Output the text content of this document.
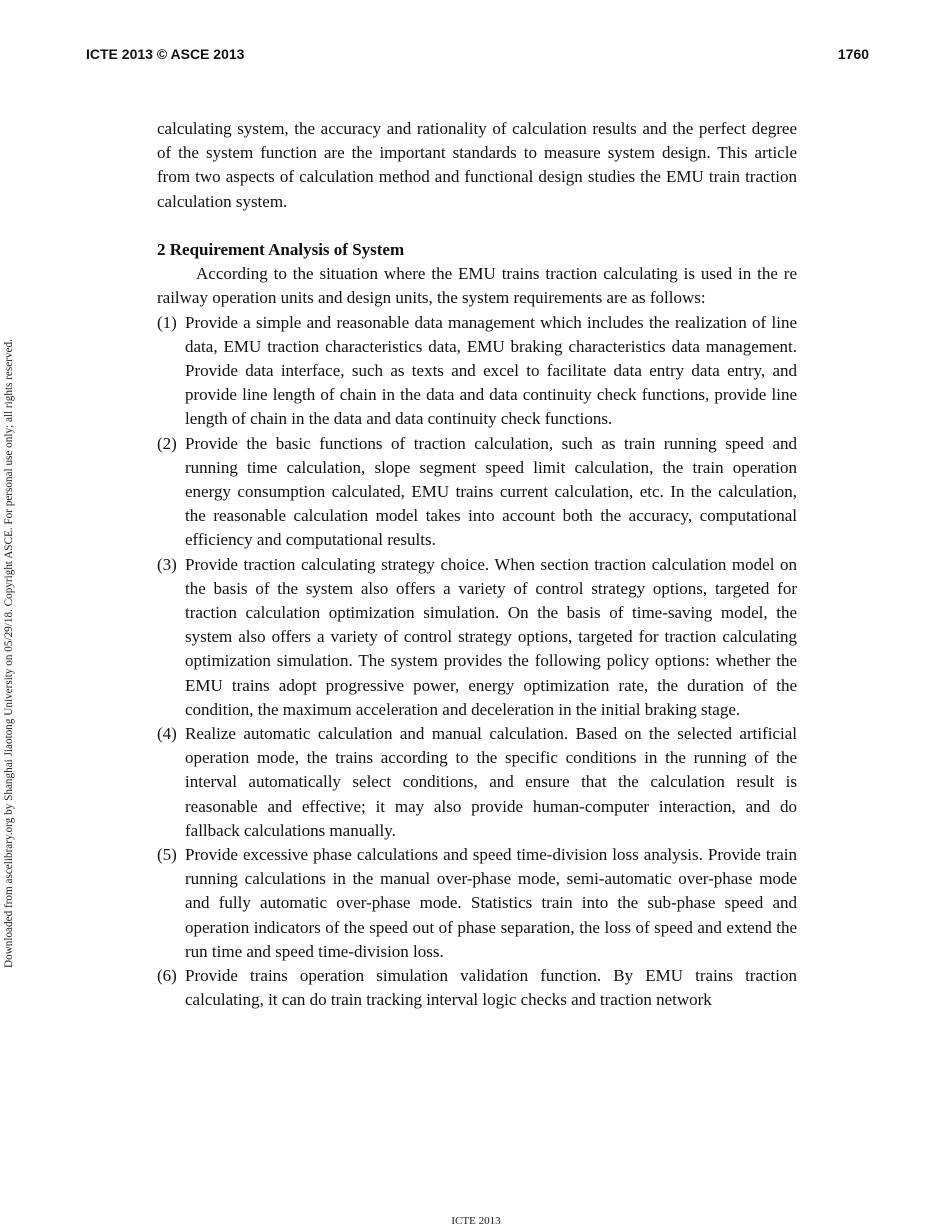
ICTE 2013 © ASCE 2013	1760
Downloaded from ascelibrary.org by Shanghai Jiaotong University on 05/29/18. Copyright ASCE. For personal use only; all rights reserved.

calculating system, the accuracy and rationality of calculation results and the perfect degree of the system function are the important standards to measure system design. This article from two aspects of calculation method and functional design studies the EMU train traction calculation system.

2 Requirement Analysis of System

According to the situation where the EMU trains traction calculating is used in the re railway operation units and design units, the system requirements are as follows:

(1) Provide a simple and reasonable data management which includes the realization of line data, EMU traction characteristics data, EMU braking characteristics data management. Provide data interface, such as texts and excel to facilitate data entry data entry, and provide line length of chain in the data and data continuity check functions, provide line length of chain in the data and data continuity check functions.
(2) Provide the basic functions of traction calculation, such as train running speed and running time calculation, slope segment speed limit calculation, the train operation energy consumption calculated, EMU trains current calculation, etc. In the calculation, the reasonable calculation model takes into account both the accuracy, computational efficiency and computational results.
(3) Provide traction calculating strategy choice. When section traction calculation model on the basis of the system also offers a variety of control strategy options, targeted for traction calculation optimization simulation. On the basis of time-saving model, the system also offers a variety of control strategy options, targeted for traction calculating optimization simulation. The system provides the following policy options: whether the EMU trains adopt progressive power, energy optimization rate, the duration of the condition, the maximum acceleration and deceleration in the initial braking stage.
(4) Realize automatic calculation and manual calculation. Based on the selected artificial operation mode, the trains according to the specific conditions in the running of the interval automatically select conditions, and ensure that the calculation result is reasonable and effective; it may also provide human-computer interaction, and do fallback calculations manually.
(5) Provide excessive phase calculations and speed time-division loss analysis. Provide train running calculations in the manual over-phase mode, semi-automatic over-phase mode and fully automatic over-phase mode. Statistics train into the sub-phase speed and operation indicators of the speed out of phase separation, the loss of speed and extend the run time and speed time-division loss.
(6) Provide trains operation simulation validation function. By EMU trains traction calculating, it can do train tracking interval logic checks and traction network
ICTE 2013
